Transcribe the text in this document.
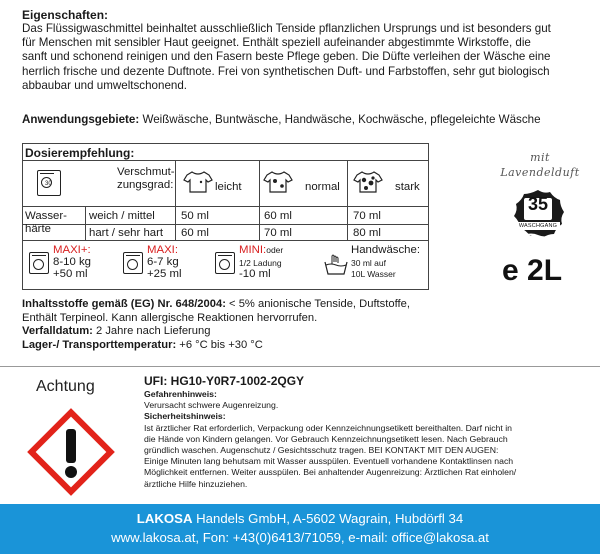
Eigenschaften:
Das Flüssigwaschmittel beinhaltet ausschließlich Tenside pflanzlichen Ursprungs und ist besonders gut
für Menschen mit sensibler Haut geeignet. Enthält speziell aufeinander abgestimmte Wirkstoffe, die
sanft und schonend reinigen und den Fasern beste Pflege geben. Die Düfte verleihen der Wäsche eine
herrlich frische und dezente Duftnote. Frei von synthetischen Duft- und Farbstoffen, sehr gut biologisch
abbaubar und umweltschonend.
Anwendungsgebiete: Weißwäsche, Buntwäsche, Handwäsche, Kochwäsche, pflegeleichte Wäsche
Dosierempfehlung:
Verschmut-
zungsgrad:	leicht	normal	stark
30
Wasser-
härte
weich / mittel 50 ml	60 ml	70 ml
hart / sehr hart 60 ml	70 ml	80 ml
MAXI+:
8-10 kg
+50 ml
MAXI:
6-7 kg
+25 ml
MINI:oder
1/2 Ladung
-10 ml
Handwäsche:
30 ml auf
10L Wasser
mit
Lavendelduft
35
WASCHGANG
e 2L
Inhaltsstoffe gemäß (EG) Nr. 648/2004: < 5% anionische Tenside, Duftstoffe,
Enthält Terpineol. Kann allergische Reaktionen hervorrufen.
Verfalldatum: 2 Jahre nach Lieferung
Lager-/ Transporttemperatur: +6 °C bis +30 °C
Achtung	UFI: HG10-Y0R7-1002-2QGY
Gefahrenhinweis:
Verursacht schwere Augenreizung.
Sicherheitshinweis:
Ist ärztlicher Rat erforderlich, Verpackung oder Kennzeichnungsetikett bereithalten. Darf nicht in
die Hände von Kindern gelangen. Vor Gebrauch Kennzeichnungsetikett lesen. Nach Gebrauch
gründlich waschen. Augenschutz / Gesichtsschutz tragen. BEI KONTAKT MIT DEN AUGEN:
Einige Minuten lang behutsam mit Wasser ausspülen. Eventuell vorhandene Kontaktlinsen nach
Möglichkeit entfernen. Weiter ausspülen. Bei anhaltender Augenreizung: Ärztlichen Rat einholen/
ärztliche Hilfe hinzuziehen.
LAKOSA Handels GmbH, A-5602 Wagrain, Hubdörfl 34
www.lakosa.at, Fon: +43(0)6413/71059, e-mail: office@lakosa.at
